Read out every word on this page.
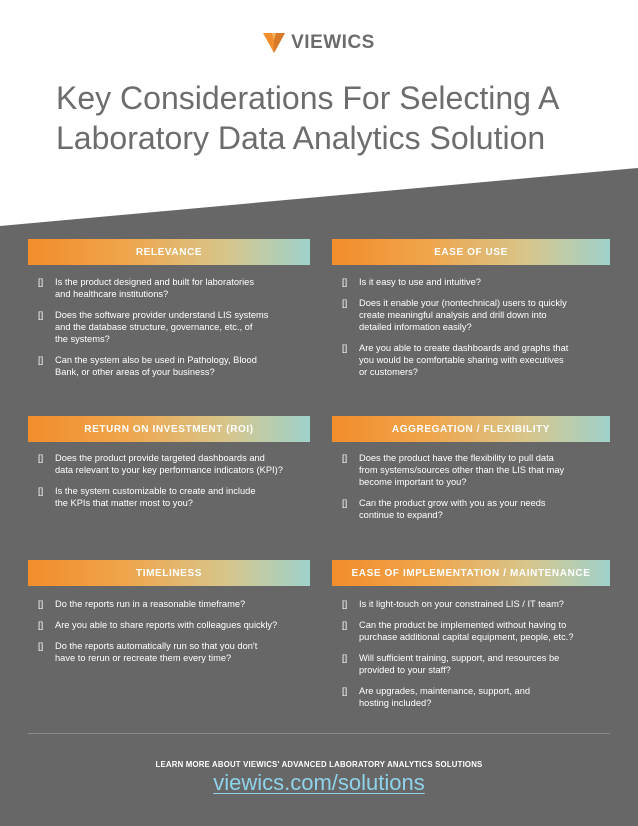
VIEWICS
Key Considerations For Selecting A
Laboratory Data Analytics Solution
RELEVANCE
[]	Is the product designed and built for laboratories
and healthcare institutions?
[]	Does the software provider understand LIS systems
and the database structure, governance, etc., of
the systems?
[]	Can the system also be used in Pathology, Blood
Bank, or other areas of your business?
EASE OF USE
[]	Is it easy to use and intuitive?
[]	Does it enable your (nontechnical) users to quickly
create meaningful analysis and drill down into
detailed information easily?
[]	Are you able to create dashboards and graphs that
you would be comfortable sharing with executives
or customers?
RETURN ON INVESTMENT (ROI)
[]	Does the product provide targeted dashboards and
data relevant to your key performance indicators (KPI)?
[]	Is the system customizable to create and include
the KPIs that matter most to you?
AGGREGATION / FLEXIBILITY
[]	Does the product have the flexibility to pull data
from systems/sources other than the LIS that may
become important to you?
[]	Can the product grow with you as your needs
continue to expand?
TIMELINESS
[]	Do the reports run in a reasonable timeframe?
[]	Are you able to share reports with colleagues quickly?
[]	Do the reports automatically run so that you don't
have to rerun or recreate them every time?
EASE OF IMPLEMENTATION / MAINTENANCE
[]	Is it light-touch on your constrained LIS / IT team?
[]	Can the product be implemented without having to
purchase additional capital equipment, people, etc.?
[]	Will sufficient training, support, and resources be
provided to your staff?
[]	Are upgrades, maintenance, support, and
hosting included?
LEARN MORE ABOUT VIEWICS' ADVANCED LABORATORY ANALYTICS SOLUTIONS
viewics.com/solutions
